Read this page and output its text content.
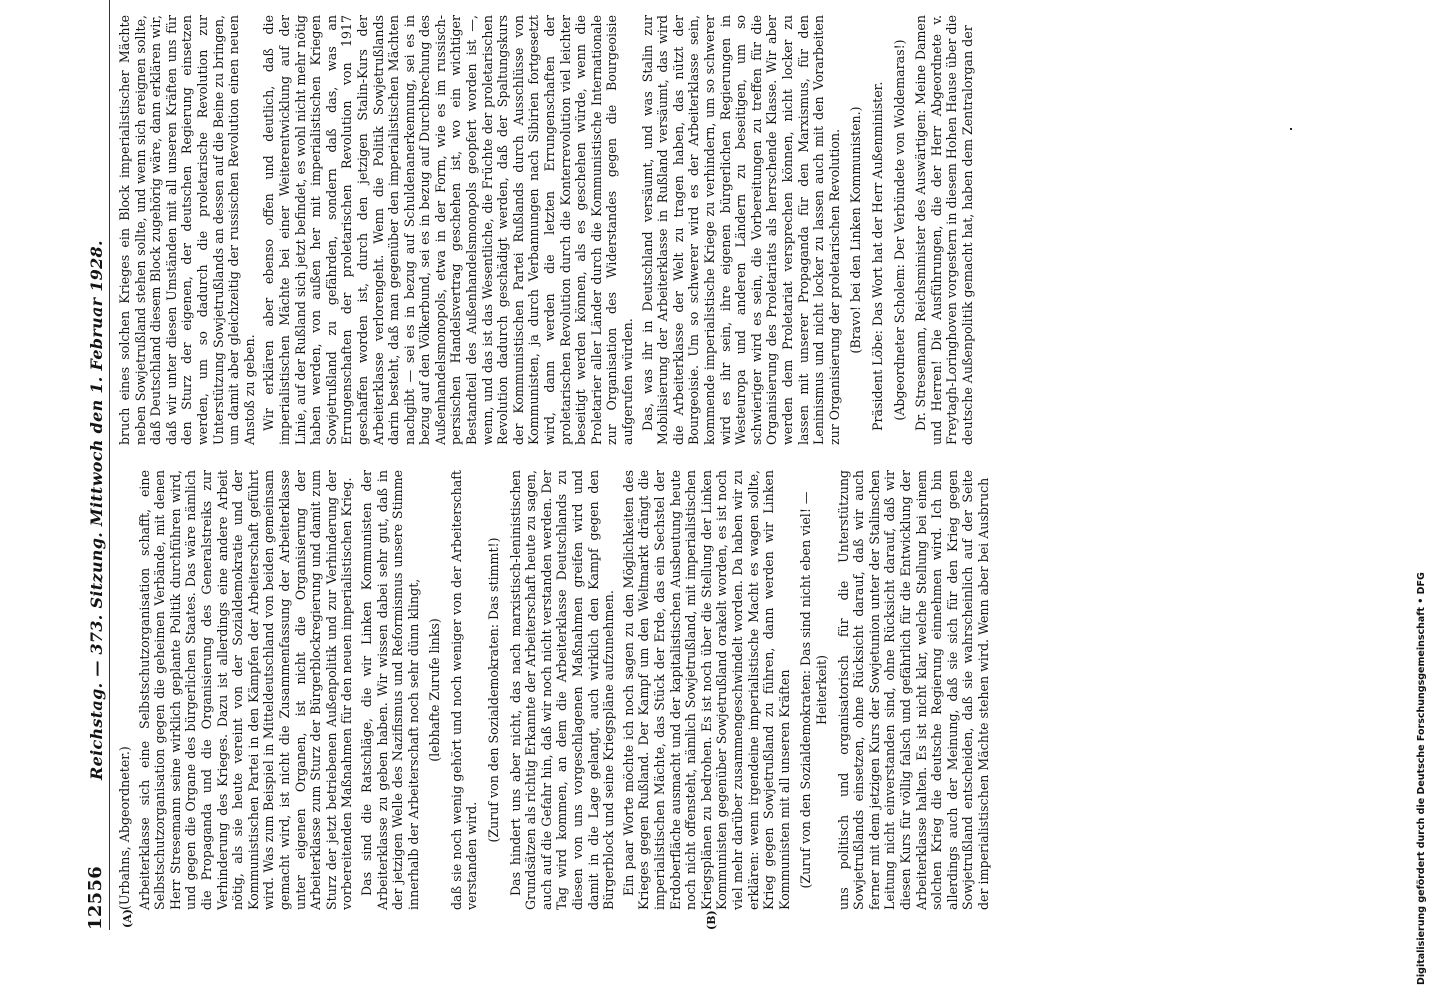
12556
Reichstag. — 373. Sitzung. Mittwoch den 1. Februar 1928.
(A)	(B)

(Urbahns, Abgeordneter.) Arbeiterklasse sich eine Selbstschutzorganisation schafft, eine Selbstschutzorganisation gegen die geheimen Verbände, mit denen Herr Stresemann seine wirklich geplante Politik durchführen wird, und gegen die Organe des bürgerlichen Staates. Das wäre nämlich die Propaganda und die Organisierung des Generalstreiks zur Verhinderung des Krieges. Dazu ist allerdings eine andere Arbeit nötig, als sie heute vereint von der Sozialdemokratie und der Kommunistischen Partei in den Kämpfen der Arbeiterschaft geführt wird. Was zum Beispiel in Mitteldeutschland von beiden gemeinsam gemacht wird, ist nicht die Zusammenfassung der Arbeiterklasse unter eigenen Organen, ist nicht die Organisierung der Arbeiterklasse zum Sturz der Bürgerblockregierung und damit zum Sturz der jetzt betriebenen Außenpolitik und zur Verhinderung der vorbereitenden Maßnahmen für den neuen imperialistischen Krieg. Das sind die Ratschläge, die wir Linken Kommunisten der Arbeiterklasse zu geben haben. Wir wissen dabei sehr gut, daß in der jetzigen Welle des Nazifismus und Reformismus unsere Stimme innerhalb der Arbeiterschaft noch sehr dünn klingt, (lebhafte Zurufe links) daß sie noch wenig gehört und noch weniger von der Arbeiterschaft verstanden wird.

(Zuruf von den Sozialdemokraten: Das stimmt!) Das hindert uns aber nicht, das nach marxistisch-leninistischen Grundsätzen als richtig Erkannte der Arbeiterschaft heute zu sagen, auch auf die Gefahr hin, daß wir noch nicht verstanden werden. Der Tag wird kommen, an dem die Arbeiterklasse Deutschlands zu diesen von uns vorgeschlagenen Maßnahmen greifen wird und damit in die Lage gelangt, auch wirklich den Kampf gegen den Bürgerblock und seine Kriegspläne aufzunehmen. Ein paar Worte möchte ich noch sagen zu den Möglichkeiten des Krieges gegen Rußland. Der Kampf um den Weltmarkt drängt die imperialistischen Mächte, das Stück der Erde, das ein Sechstel der Erdoberfläche ausmacht und der kapitalistischen Ausbeutung heute noch nicht offensteht, nämlich Sowjetrußland, mit imperialistischen Kriegsplänen zu bedrohen. Es ist noch über die Stellung der Linken Kommunisten gegenüber Sowjetrußland orakelt worden, es ist noch viel mehr darüber zusammengeschwindelt worden. Da haben wir zu erklären: wenn irgendeine imperialistische Macht es wagen sollte, Krieg gegen Sowjetrußland zu führen, dann werden wir Linken Kommunisten mit all unseren Kräften (Zuruf von den Sozialdemokraten: Das sind nicht eben viel! — Heiterkeit) uns politisch und organisatorisch für die Unterstützung Sowjetrußlands einsetzen, ohne Rücksicht darauf, daß wir auch ferner mit dem jetzigen Kurs der Sowjetunion unter der Stalinschen Leitung nicht einverstanden sind, ohne Rücksicht darauf, daß wir diesen Kurs für völlig falsch und gefährlich für die Entwicklung der Arbeiterklasse halten. Es ist nicht klar, welche Stellung bei einem solchen Krieg die deutsche Regierung einnehmen wird. Ich bin allerdings auch der Meinung, daß sie sich für den Krieg gegen Sowjetrußland entscheiden, daß sie wahrscheinlich auf der Seite der imperialistischen Mächte stehen wird. Wenn aber bei Ausbruch

bruch eines solchen Krieges ein Block imperialistischer Mächte neben Sowjetrußland stehen sollte, und wenn sich ereignen sollte, daß Deutschland diesem Block zugehörig wäre, dann erklären wir, daß wir unter diesen Umständen mit all unseren Kräften uns für den Sturz der eigenen, der deutschen Regierung einsetzen werden, um so dadurch die proletarische Revolution zur Unterstützung Sowjetrußlands an dessen auf die Beine zu bringen, um damit aber gleichzeitig der russischen Revolution einen neuen Anstoß zu geben. Wir erklären aber ebenso offen und deutlich, daß die imperialistischen Mächte bei einer Weiterentwicklung auf der Linie, auf der Rußland sich jetzt befindet, es wohl nicht mehr nötig haben werden, von außen her mit imperialistischen Kriegen Sowjetrußland zu gefährden, sondern daß das, was an Errungenschaften der proletarischen Revolution von 1917 geschaffen worden ist, durch den jetzigen Stalin-Kurs der Arbeiterklasse verlorengeht. Wenn die Politik Sowjetrußlands darin besteht, daß man gegenüber den imperialistischen Mächten nachgibt — sei es in bezug auf Schuldenanerkennung, sei es in bezug auf den Völkerbund, sei es in bezug auf Durchbrechung des Außenhandelsmonopols, etwa in der Form, wie es im russisch-persischen Handelsvertrag geschehen ist, wo ein wichtiger Bestandteil des Außenhandelsmonopols geopfert worden ist —, wenn, und das ist das Wesentliche, die Früchte der proletarischen Revolution dadurch geschädigt werden, daß der Spaltungskurs der Kommunistischen Partei Rußlands durch Ausschlüsse von Kommunisten, ja durch Verbannungen nach Sibirien fortgesetzt wird, dann werden die letzten Errungenschaften der proletarischen Revolution durch die Konterrevolution viel leichter beseitigt werden können, als es geschehen würde, wenn die Proletarier aller Länder durch die Kommunistische Internationale zur Organisation des Widerstandes gegen die Bourgeoisie aufgerufen würden. Das, was ihr in Deutschland versäumt, und was Stalin zur Mobilisierung der Arbeiterklasse in Rußland versäumt, das wird die Arbeiterklasse der Welt zu tragen haben, das nützt der Bourgeoisie. Um so schwerer wird es der Arbeiterklasse sein, kommende imperialistische Kriege zu verhindern, um so schwerer wird es ihr sein, ihre eigenen bürgerlichen Regierungen in Westeuropa und anderen Ländern zu beseitigen, um so schwieriger wird es sein, die Vorbereitungen zu treffen für die Organisierung des Proletariats als herrschende Klasse. Wir aber werden dem Proletariat versprechen können, nicht locker zu lassen mit unserer Propaganda für den Marxismus, für den Leninismus und nicht locker zu lassen auch mit den Vorarbeiten zur Organisierung der proletarischen Revolution. (Bravo! bei den Linken Kommunisten.) Präsident Löbe: Das Wort hat der Herr Außenminister. (Abgeordneter Scholem: Der Verbündete von Woldemaras!) Dr. Stresemann, Reichsminister des Auswärtigen: Meine Damen und Herren! Die Ausführungen, die der Herr Abgeordnete v. Freytagh-Loringhoven vorgestern in diesem Hohen Hause über die deutsche Außenpolitik gemacht hat, haben dem Zentralorgan der

Digitalisierung gefördert durch die Deutsche Forschungsgemeinschaft • DFG
